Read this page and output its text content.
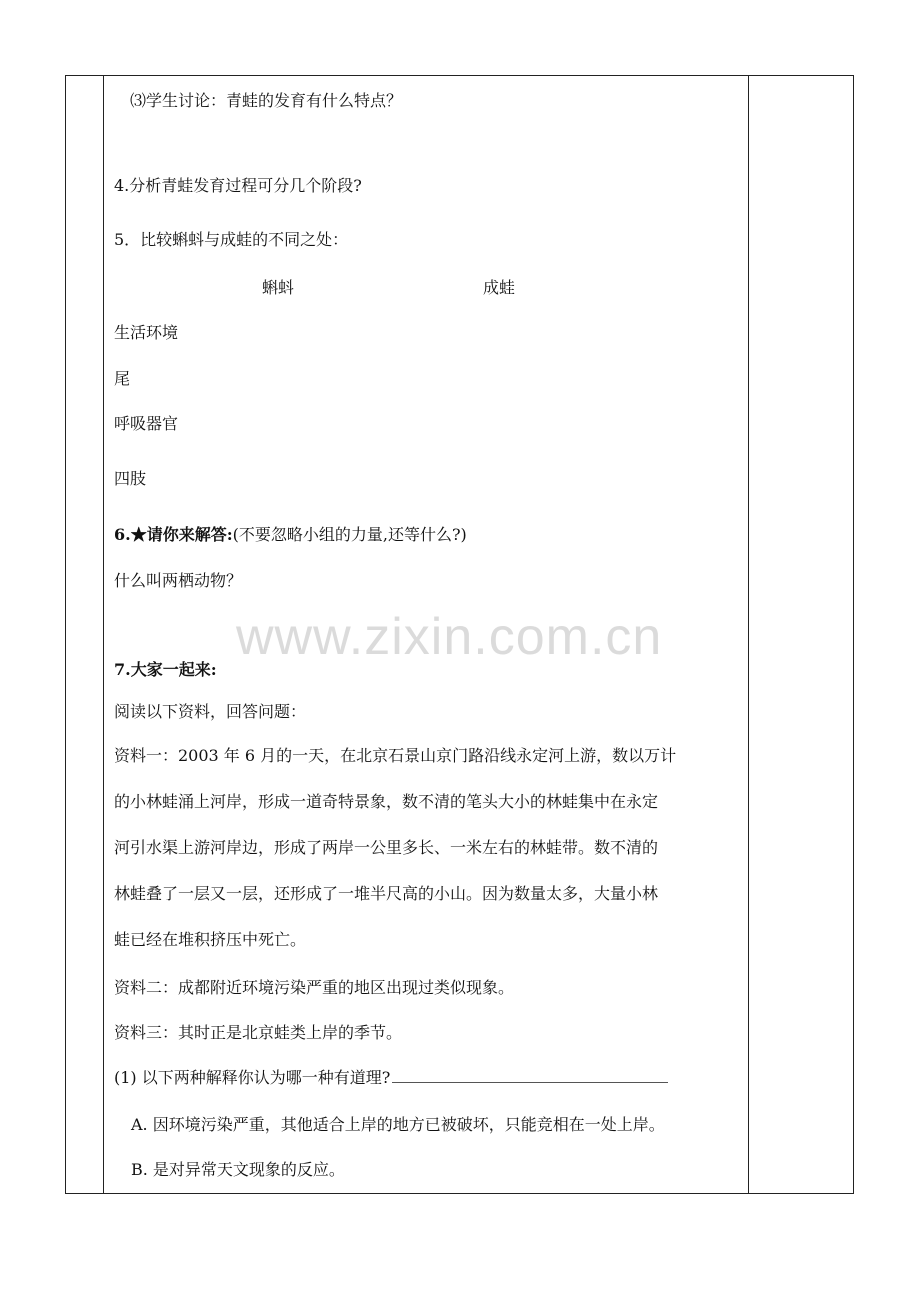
⑶学生讨论：青蛙的发育有什么特点？
4.分析青蛙发育过程可分几个阶段?
5．比较蝌蚪与成蛙的不同之处：
蝌蚪	成蛙
生活环境
尾
呼吸器官
四肢
6.★请你来解答:(不要忽略小组的力量,还等什么?)
什么叫两栖动物？
www.zixin.com.cn
7.大家一起来:
阅读以下资料，回答问题：
资料一：2003 年 6 月的一天，在北京石景山京门路沿线永定河上游，数以万计
的小林蛙涌上河岸，形成一道奇特景象，数不清的笔头大小的林蛙集中在永定
河引水渠上游河岸边，形成了两岸一公里多长、一米左右的林蛙带。数不清的
林蛙叠了一层又一层，还形成了一堆半尺高的小山。因为数量太多，大量小林
蛙已经在堆积挤压中死亡。
资料二：成都附近环境污染严重的地区出现过类似现象。
资料三：其时正是北京蛙类上岸的季节。
(1) 以下两种解释你认为哪一种有道理?
A. 因环境污染严重，其他适合上岸的地方已被破坏，只能竞相在一处上岸。
B. 是对异常天文现象的反应。
